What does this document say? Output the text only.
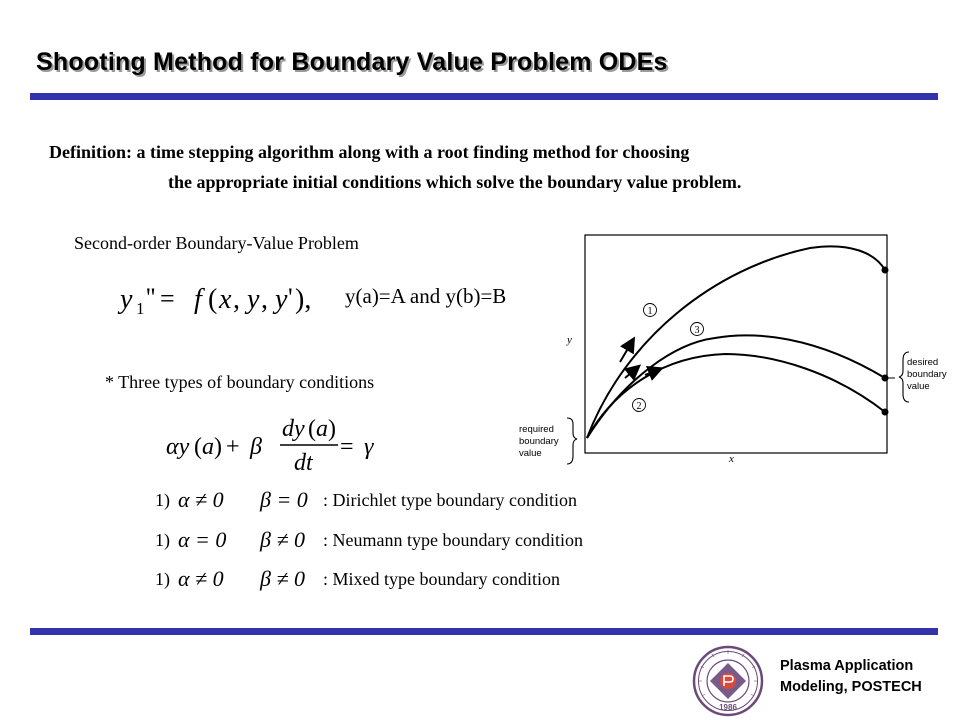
Shooting Method for Boundary Value Problem ODEs
Definition: a time stepping algorithm along with a root finding method for choosing
the appropriate initial conditions which solve the boundary value problem.
Second-order Boundary-Value Problem
y 1 '' = f ( x , y , y ' ), y(a)=A and y(b)=B
* Three types of boundary conditions
αy ( a ) + β
dy ( a )
dt
= γ
1) α ≠ 0 β = 0 : Dirichlet type boundary condition
1) α = 0 β ≠ 0 : Neumann type boundary condition
1) α ≠ 0 β ≠ 0 : Mixed type boundary condition
y
x
1
3
2
desired
boundary
value
required
boundary
value
1986
Plasma Application
Modeling, POSTECH
